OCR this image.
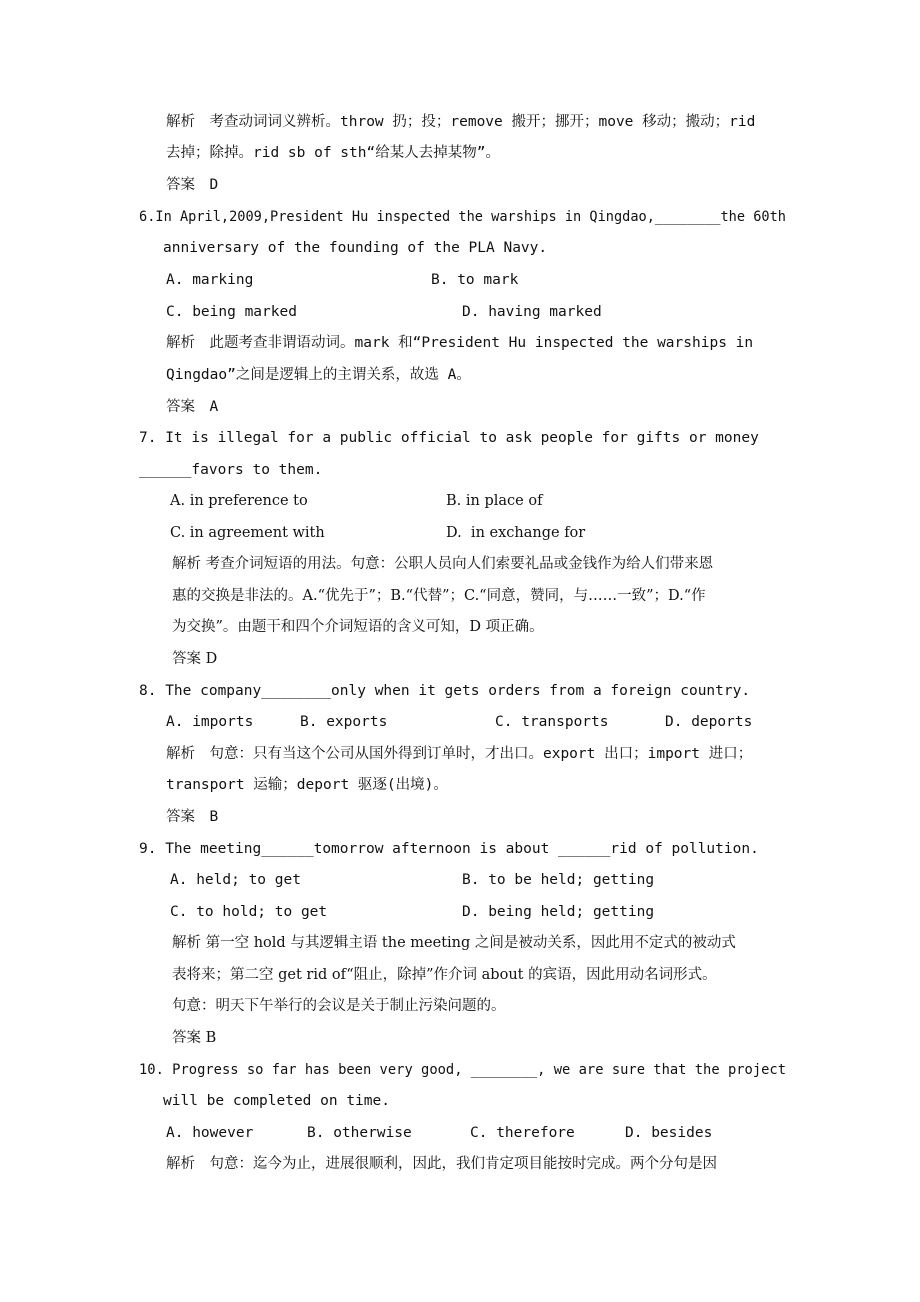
解析　考查动词词义辨析。throw 扔；投；remove 搬开；挪开；move 移动；搬动；rid
去掉；除掉。rid sb of sth“给某人去掉某物”。
答案　D
6.In April,2009,President Hu inspected the warships in Qingdao,________the 60th
anniversary of the founding of the PLA Navy.
A. marking	B. to mark
C. being marked	D. having marked
解析　此题考查非谓语动词。mark 和“President Hu inspected the warships in
Qingdao”之间是逻辑上的主谓关系，故选 A。
答案　A
7. It is illegal for a public official to ask people for gifts or money
______favors to them.
A. in preference to	B. in place of
C. in agreement with	D.  in exchange for
解析 考查介词短语的用法。句意：公职人员向人们索要礼品或金钱作为给人们带来恩
惠的交换是非法的。A.“优先于”；B.“代替”；C.“同意，赞同，与……一致”；D.“作
为交换”。由题干和四个介词短语的含义可知，D 项正确。
答案 D
8. The company________only when it gets orders from a foreign country.
A. imports	B. exports	C. transports	D. deports
解析　句意：只有当这个公司从国外得到订单时，才出口。export 出口；import 进口；
transport 运输；deport 驱逐(出境)。
答案　B
9. The meeting______tomorrow afternoon is about ______rid of pollution.
A. held; to get	B. to be held; getting
C. to hold; to get	D. being held; getting
解析 第一空 hold 与其逻辑主语 the meeting 之间是被动关系，因此用不定式的被动式
表将来；第二空 get rid of“阻止，除掉”作介词 about 的宾语，因此用动名词形式。
句意：明天下午举行的会议是关于制止污染问题的。
答案 B
10. Progress so far has been very good, ________, we are sure that the project
will be completed on time.
A. however	B. otherwise	C. therefore	D. besides
解析　句意：迄今为止，进展很顺利，因此，我们肯定项目能按时完成。两个分句是因
